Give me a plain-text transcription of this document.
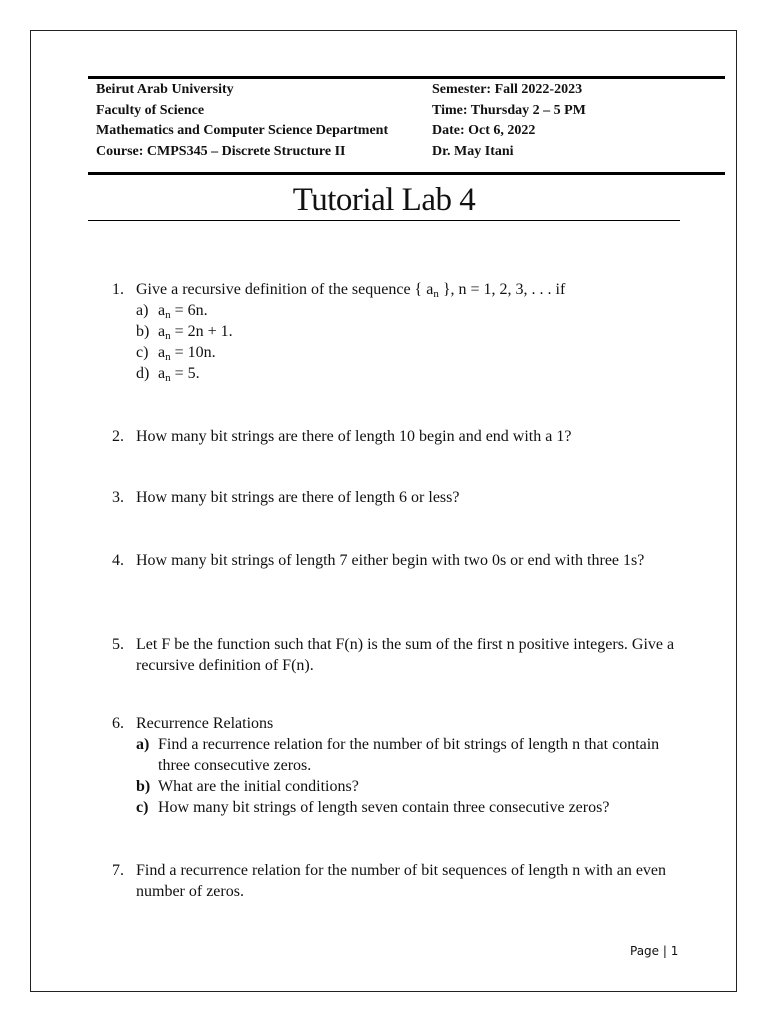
Beirut Arab University
Faculty of Science
Mathematics and Computer Science Department
Course: CMPS345 – Discrete Structure II
Semester: Fall 2022-2023
Time: Thursday 2 – 5 PM
Date: Oct 6, 2022
Dr. May Itani
Tutorial Lab 4
1. Give a recursive definition of the sequence { $a_n$ }, n = 1, 2, 3, . . . if
a) $a_n = 6n$.
b) $a_n = 2n + 1$.
c) $a_n = 10n$.
d) $a_n = 5$.
2. How many bit strings are there of length 10 begin and end with a 1?
3. How many bit strings are there of length 6 or less?
4. How many bit strings of length 7 either begin with two 0s or end with three 1s?
5. Let F be the function such that F(n) is the sum of the first n positive integers. Give a recursive definition of F(n).
6. Recurrence Relations
a) Find a recurrence relation for the number of bit strings of length n that contain three consecutive zeros.
b) What are the initial conditions?
c) How many bit strings of length seven contain three consecutive zeros?
7. Find a recurrence relation for the number of bit sequences of length n with an even number of zeros.
Page | 1
